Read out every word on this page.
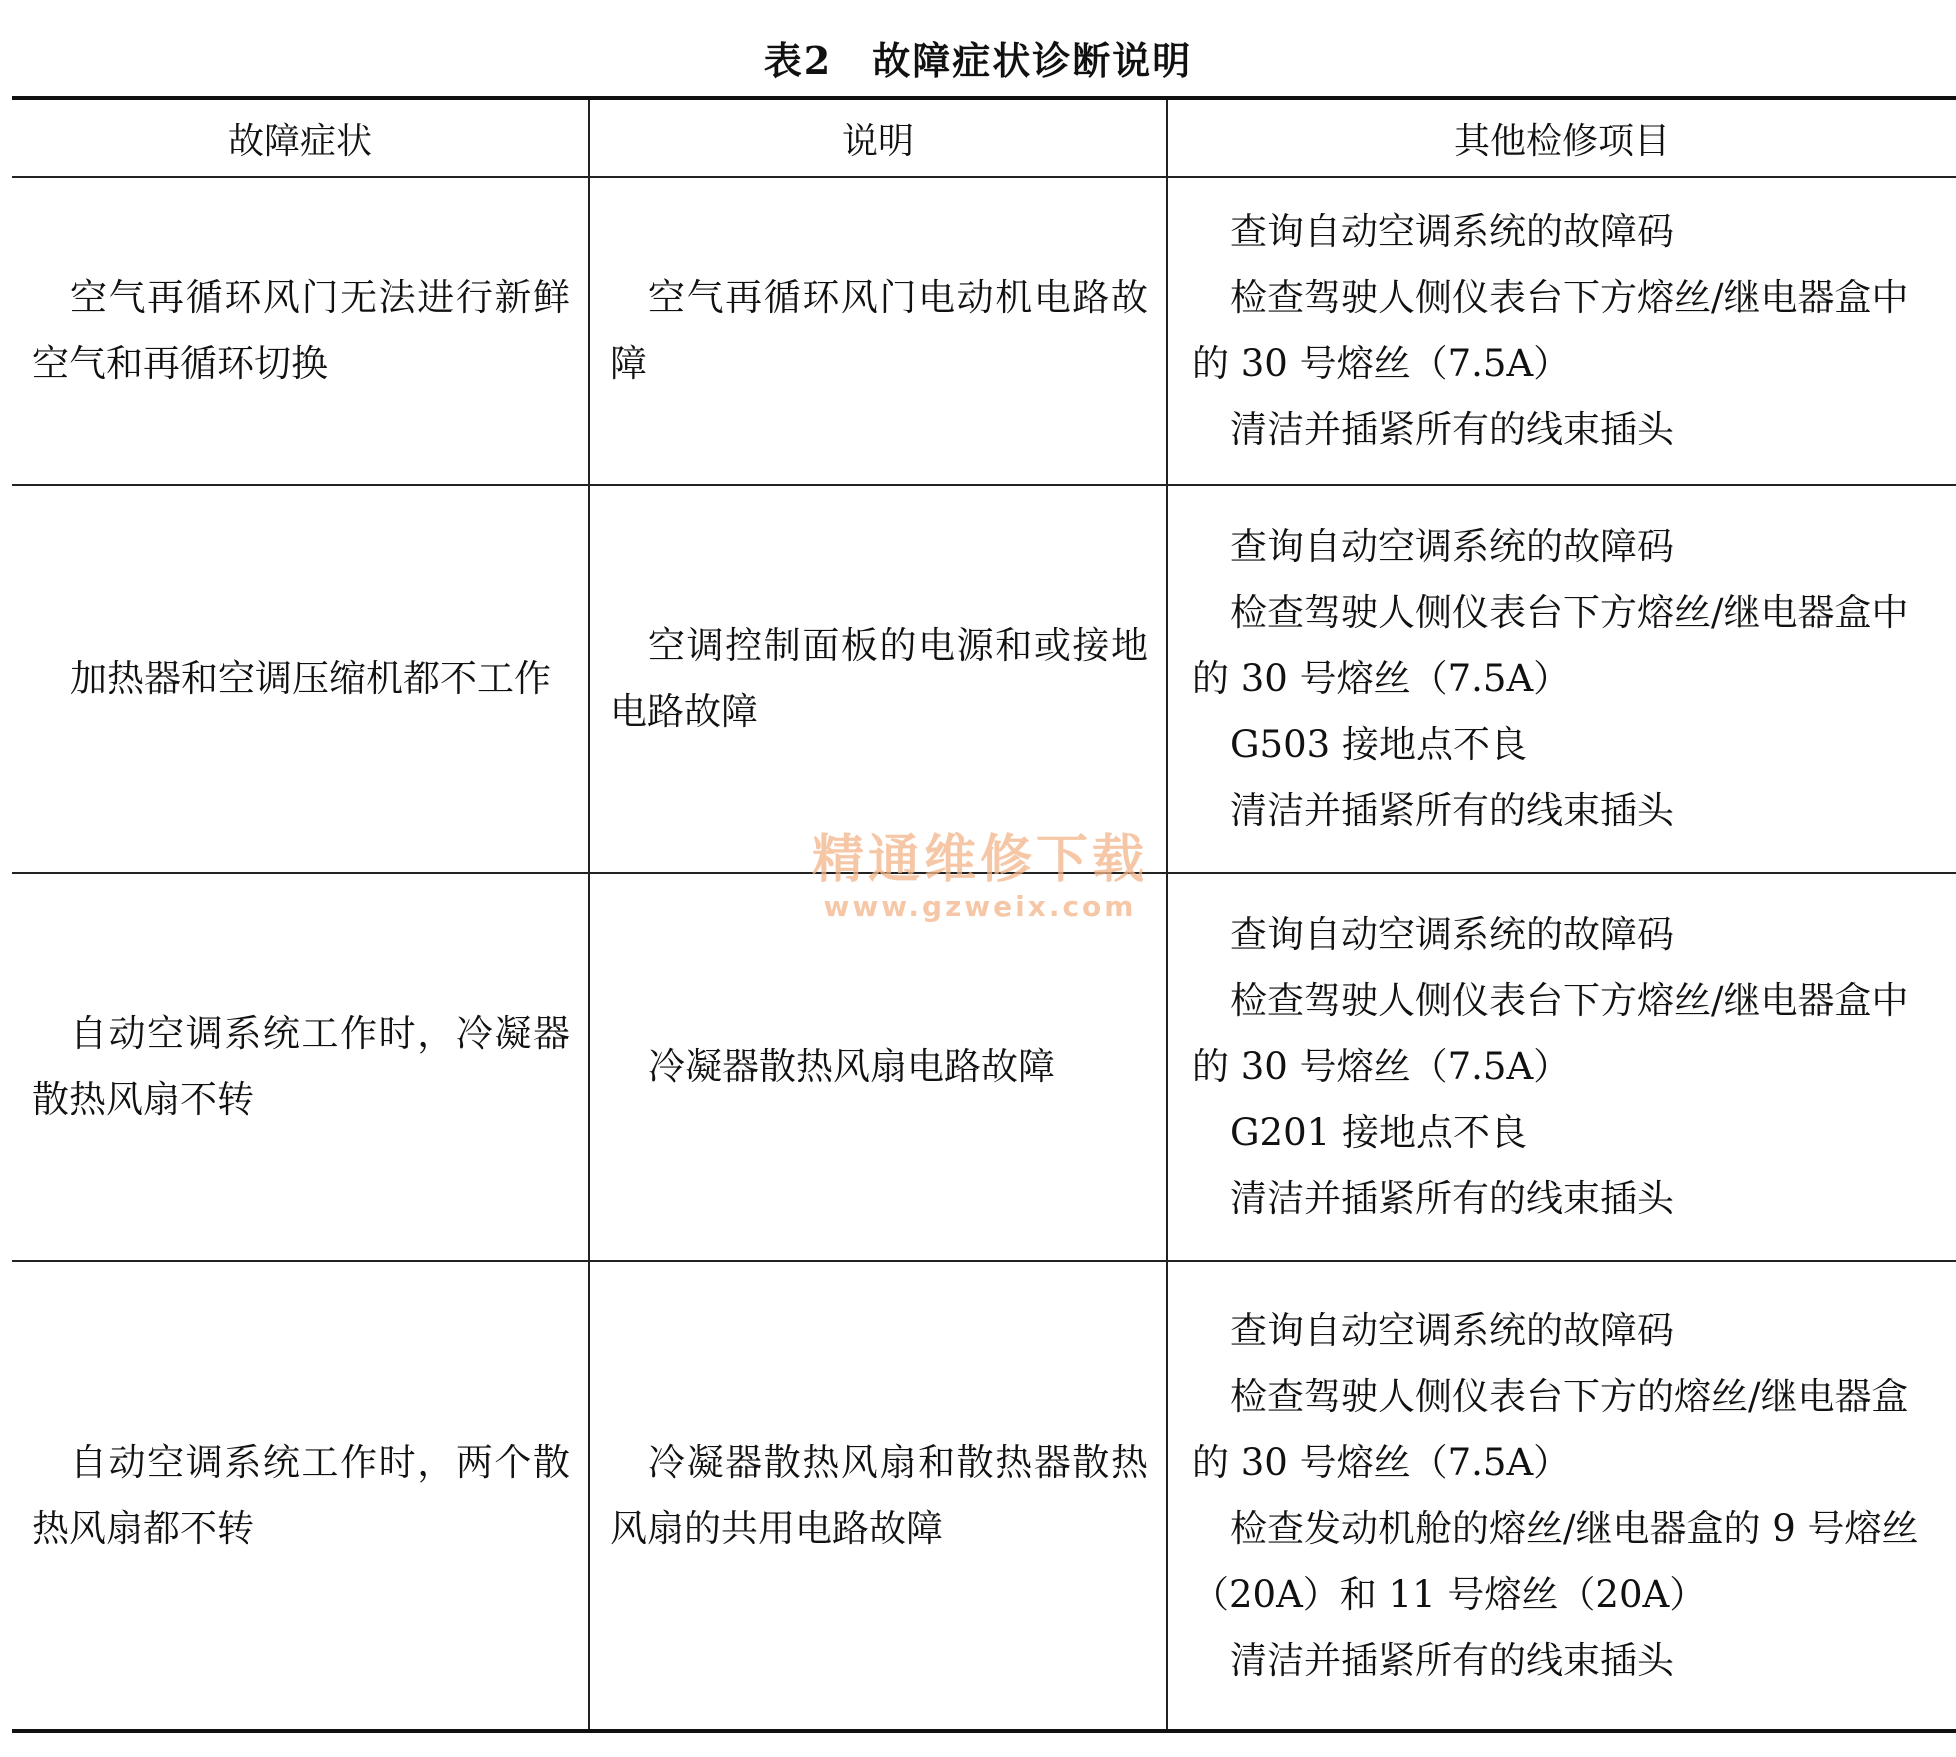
表2 故障症状诊断说明
故障症状	说明	其他检修项目

空气再循环风门无法进行新鲜空气和再循环切换	空气再循环风门电动机电路故障	查询自动空调系统的故障码
检查驾驶人侧仪表台下方熔丝/继电器盒中的 30 号熔丝（7.5A）
清洁并插紧所有的线束插头

加热器和空调压缩机都不工作	空调控制面板的电源和或接地电路故障	查询自动空调系统的故障码
检查驾驶人侧仪表台下方熔丝/继电器盒中的 30 号熔丝（7.5A）
G503 接地点不良
清洁并插紧所有的线束插头

自动空调系统工作时，冷凝器散热风扇不转	冷凝器散热风扇电路故障	查询自动空调系统的故障码
检查驾驶人侧仪表台下方熔丝/继电器盒中的 30 号熔丝（7.5A）
G201 接地点不良
清洁并插紧所有的线束插头

自动空调系统工作时，两个散热风扇都不转	冷凝器散热风扇和散热器散热风扇的共用电路故障	查询自动空调系统的故障码
检查驾驶人侧仪表台下方的熔丝/继电器盒的 30 号熔丝（7.5A）
检查发动机舱的熔丝/继电器盒的 9 号熔丝（20A）和 11 号熔丝（20A）
清洁并插紧所有的线束插头
精通维修下载
www.gzweix.com
